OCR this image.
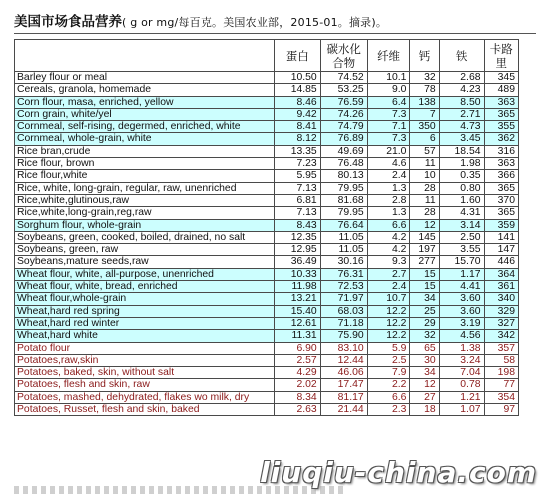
美国市场食品营养( g or mg/每百克。美国农业部，2015-01。摘录)。
	蛋白	碳水化合物	纤维	钙	铁	卡路里
Barley flour or meal	10.50	74.52	10.1	32	2.68	345
Cereals, granola, homemade	14.85	53.25	9.0	78	4.23	489
Corn flour, masa, enriched, yellow	8.46	76.59	6.4	138	8.50	363
Corn grain, white/yel	9.42	74.26	7.3	7	2.71	365
Cornmeal, self-rising, degermed, enriched, white	8.41	74.79	7.1	350	4.73	355
Cornmeal, whole-grain, white	8.12	76.89	7.3	6	3.45	362
Rice bran,crude	13.35	49.69	21.0	57	18.54	316
Rice flour, brown	7.23	76.48	4.6	11	1.98	363
Rice flour,white	5.95	80.13	2.4	10	0.35	366
Rice, white, long-grain, regular, raw, unenriched	7.13	79.95	1.3	28	0.80	365
Rice,white,glutinous,raw	6.81	81.68	2.8	11	1.60	370
Rice,white,long-grain,reg,raw	7.13	79.95	1.3	28	4.31	365
Sorghum flour, whole-grain	8.43	76.64	6.6	12	3.14	359
Soybeans, green, cooked, boiled, drained, no salt	12.35	11.05	4.2	145	2.50	141
Soybeans, green, raw	12.95	11.05	4.2	197	3.55	147
Soybeans,mature seeds,raw	36.49	30.16	9.3	277	15.70	446
Wheat flour, white, all-purpose, unenriched	10.33	76.31	2.7	15	1.17	364
Wheat flour, white, bread, enriched	11.98	72.53	2.4	15	4.41	361
Wheat flour,whole-grain	13.21	71.97	10.7	34	3.60	340
Wheat,hard red spring	15.40	68.03	12.2	25	3.60	329
Wheat,hard red winter	12.61	71.18	12.2	29	3.19	327
Wheat,hard white	11.31	75.90	12.2	32	4.56	342
Potato flour	6.90	83.10	5.9	65	1.38	357
Potatoes,raw,skin	2.57	12.44	2.5	30	3.24	58
Potatoes, baked, skin, without salt	4.29	46.06	7.9	34	7.04	198
Potatoes, flesh and skin, raw	2.02	17.47	2.2	12	0.78	77
Potatoes, mashed, dehydrated, flakes wo milk, dry	8.34	81.17	6.6	27	1.21	354
Potatoes, Russet, flesh and skin, baked	2.63	21.44	2.3	18	1.07	97
liuqiu-china.com
